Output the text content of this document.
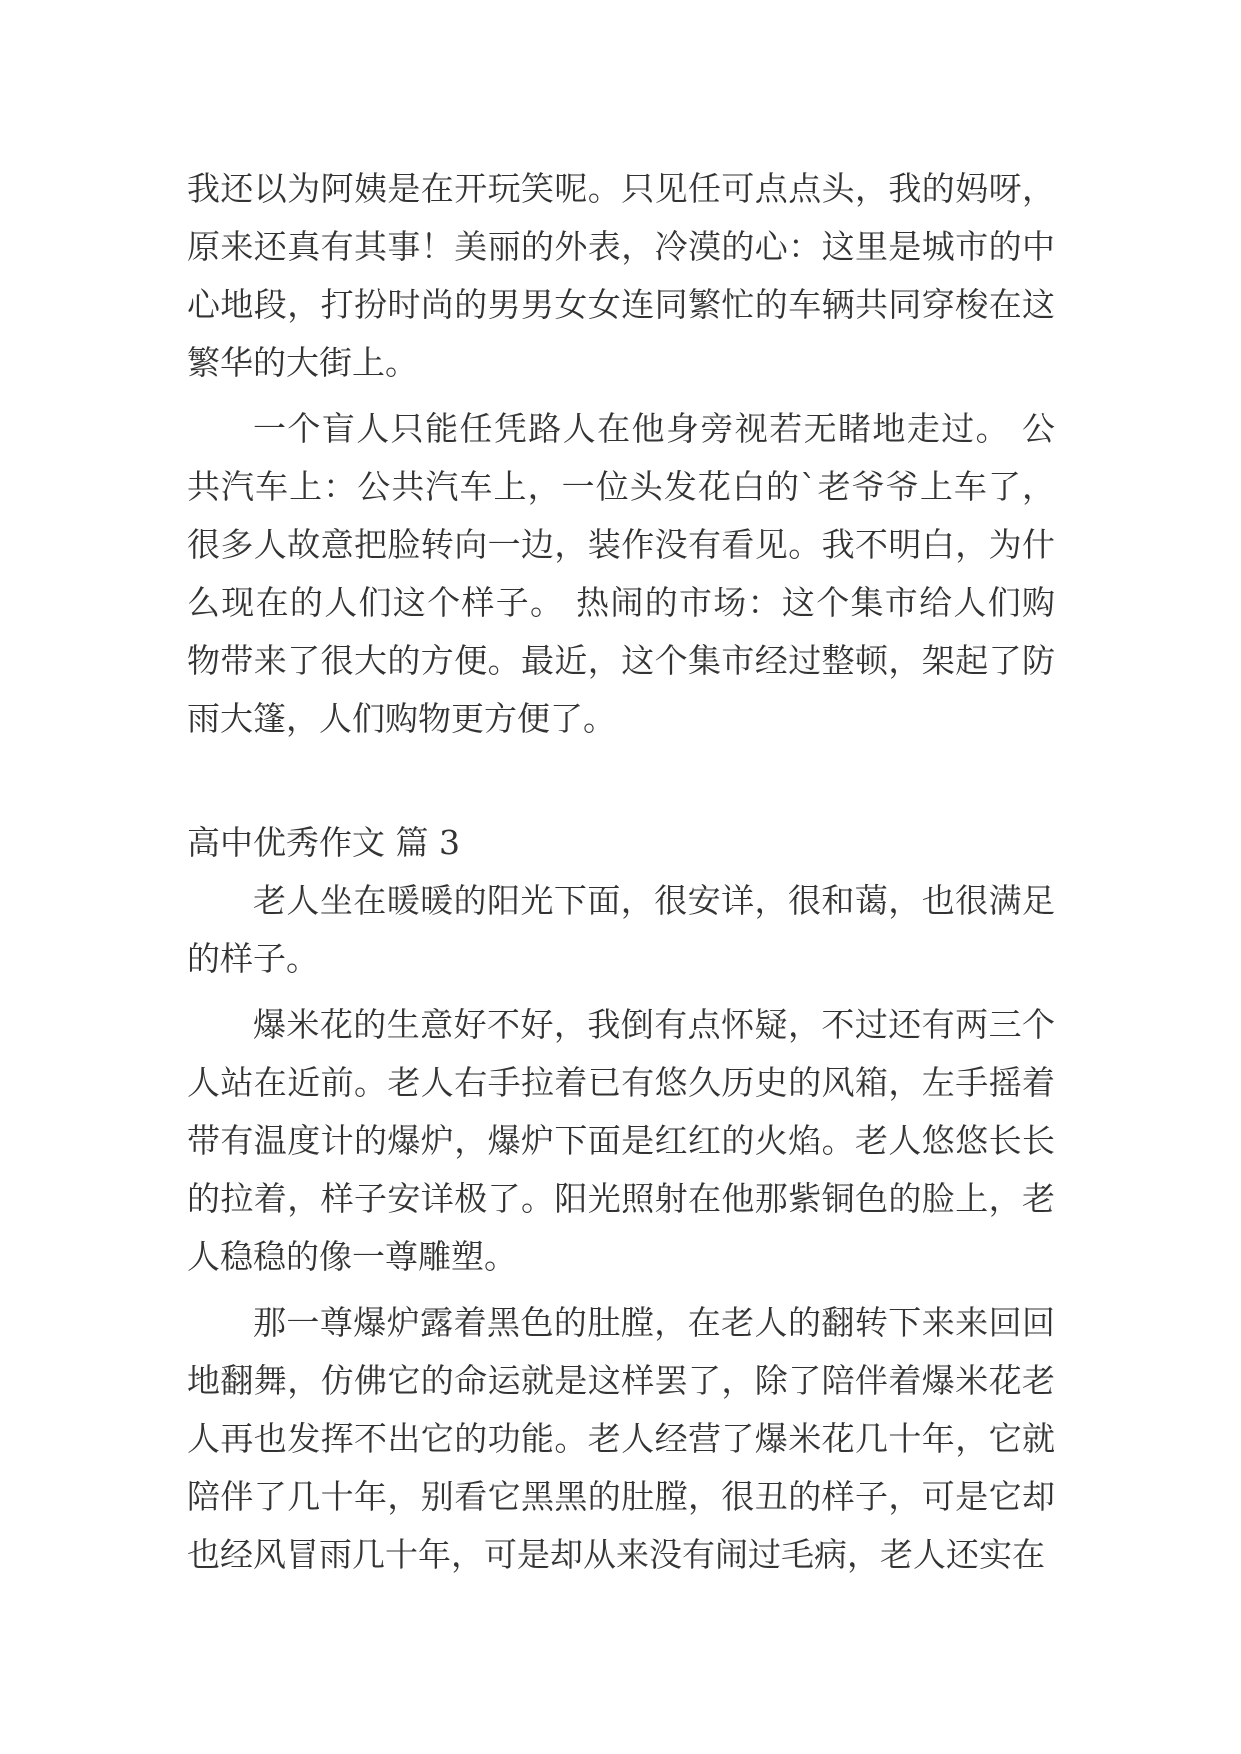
我还以为阿姨是在开玩笑呢。只见任可点点头，我的妈呀，原来还真有其事！美丽的外表，冷漠的心：这里是城市的中心地段，打扮时尚的男男女女连同繁忙的车辆共同穿梭在这繁华的大街上。

一个盲人只能任凭路人在他身旁视若无睹地走过。 公共汽车上：公共汽车上，一位头发花白的`老爷爷上车了，很多人故意把脸转向一边，装作没有看见。我不明白，为什么现在的人们这个样子。 热闹的市场：这个集市给人们购物带来了很大的方便。最近，这个集市经过整顿，架起了防雨大篷，人们购物更方便了。

高中优秀作文 篇 3

老人坐在暖暖的阳光下面，很安详，很和蔼，也很满足的样子。

爆米花的生意好不好，我倒有点怀疑，不过还有两三个人站在近前。老人右手拉着已有悠久历史的风箱，左手摇着带有温度计的爆炉，爆炉下面是红红的火焰。老人悠悠长长的拉着，样子安详极了。阳光照射在他那紫铜色的脸上，老人稳稳的像一尊雕塑。

那一尊爆炉露着黑色的肚膛，在老人的翻转下来来回回地翻舞，仿佛它的命运就是这样罢了，除了陪伴着爆米花老人再也发挥不出它的功能。老人经营了爆米花几十年，它就陪伴了几十年，别看它黑黑的肚膛，很丑的样子，可是它却也经风冒雨几十年，可是却从来没有闹过毛病，老人还实在
